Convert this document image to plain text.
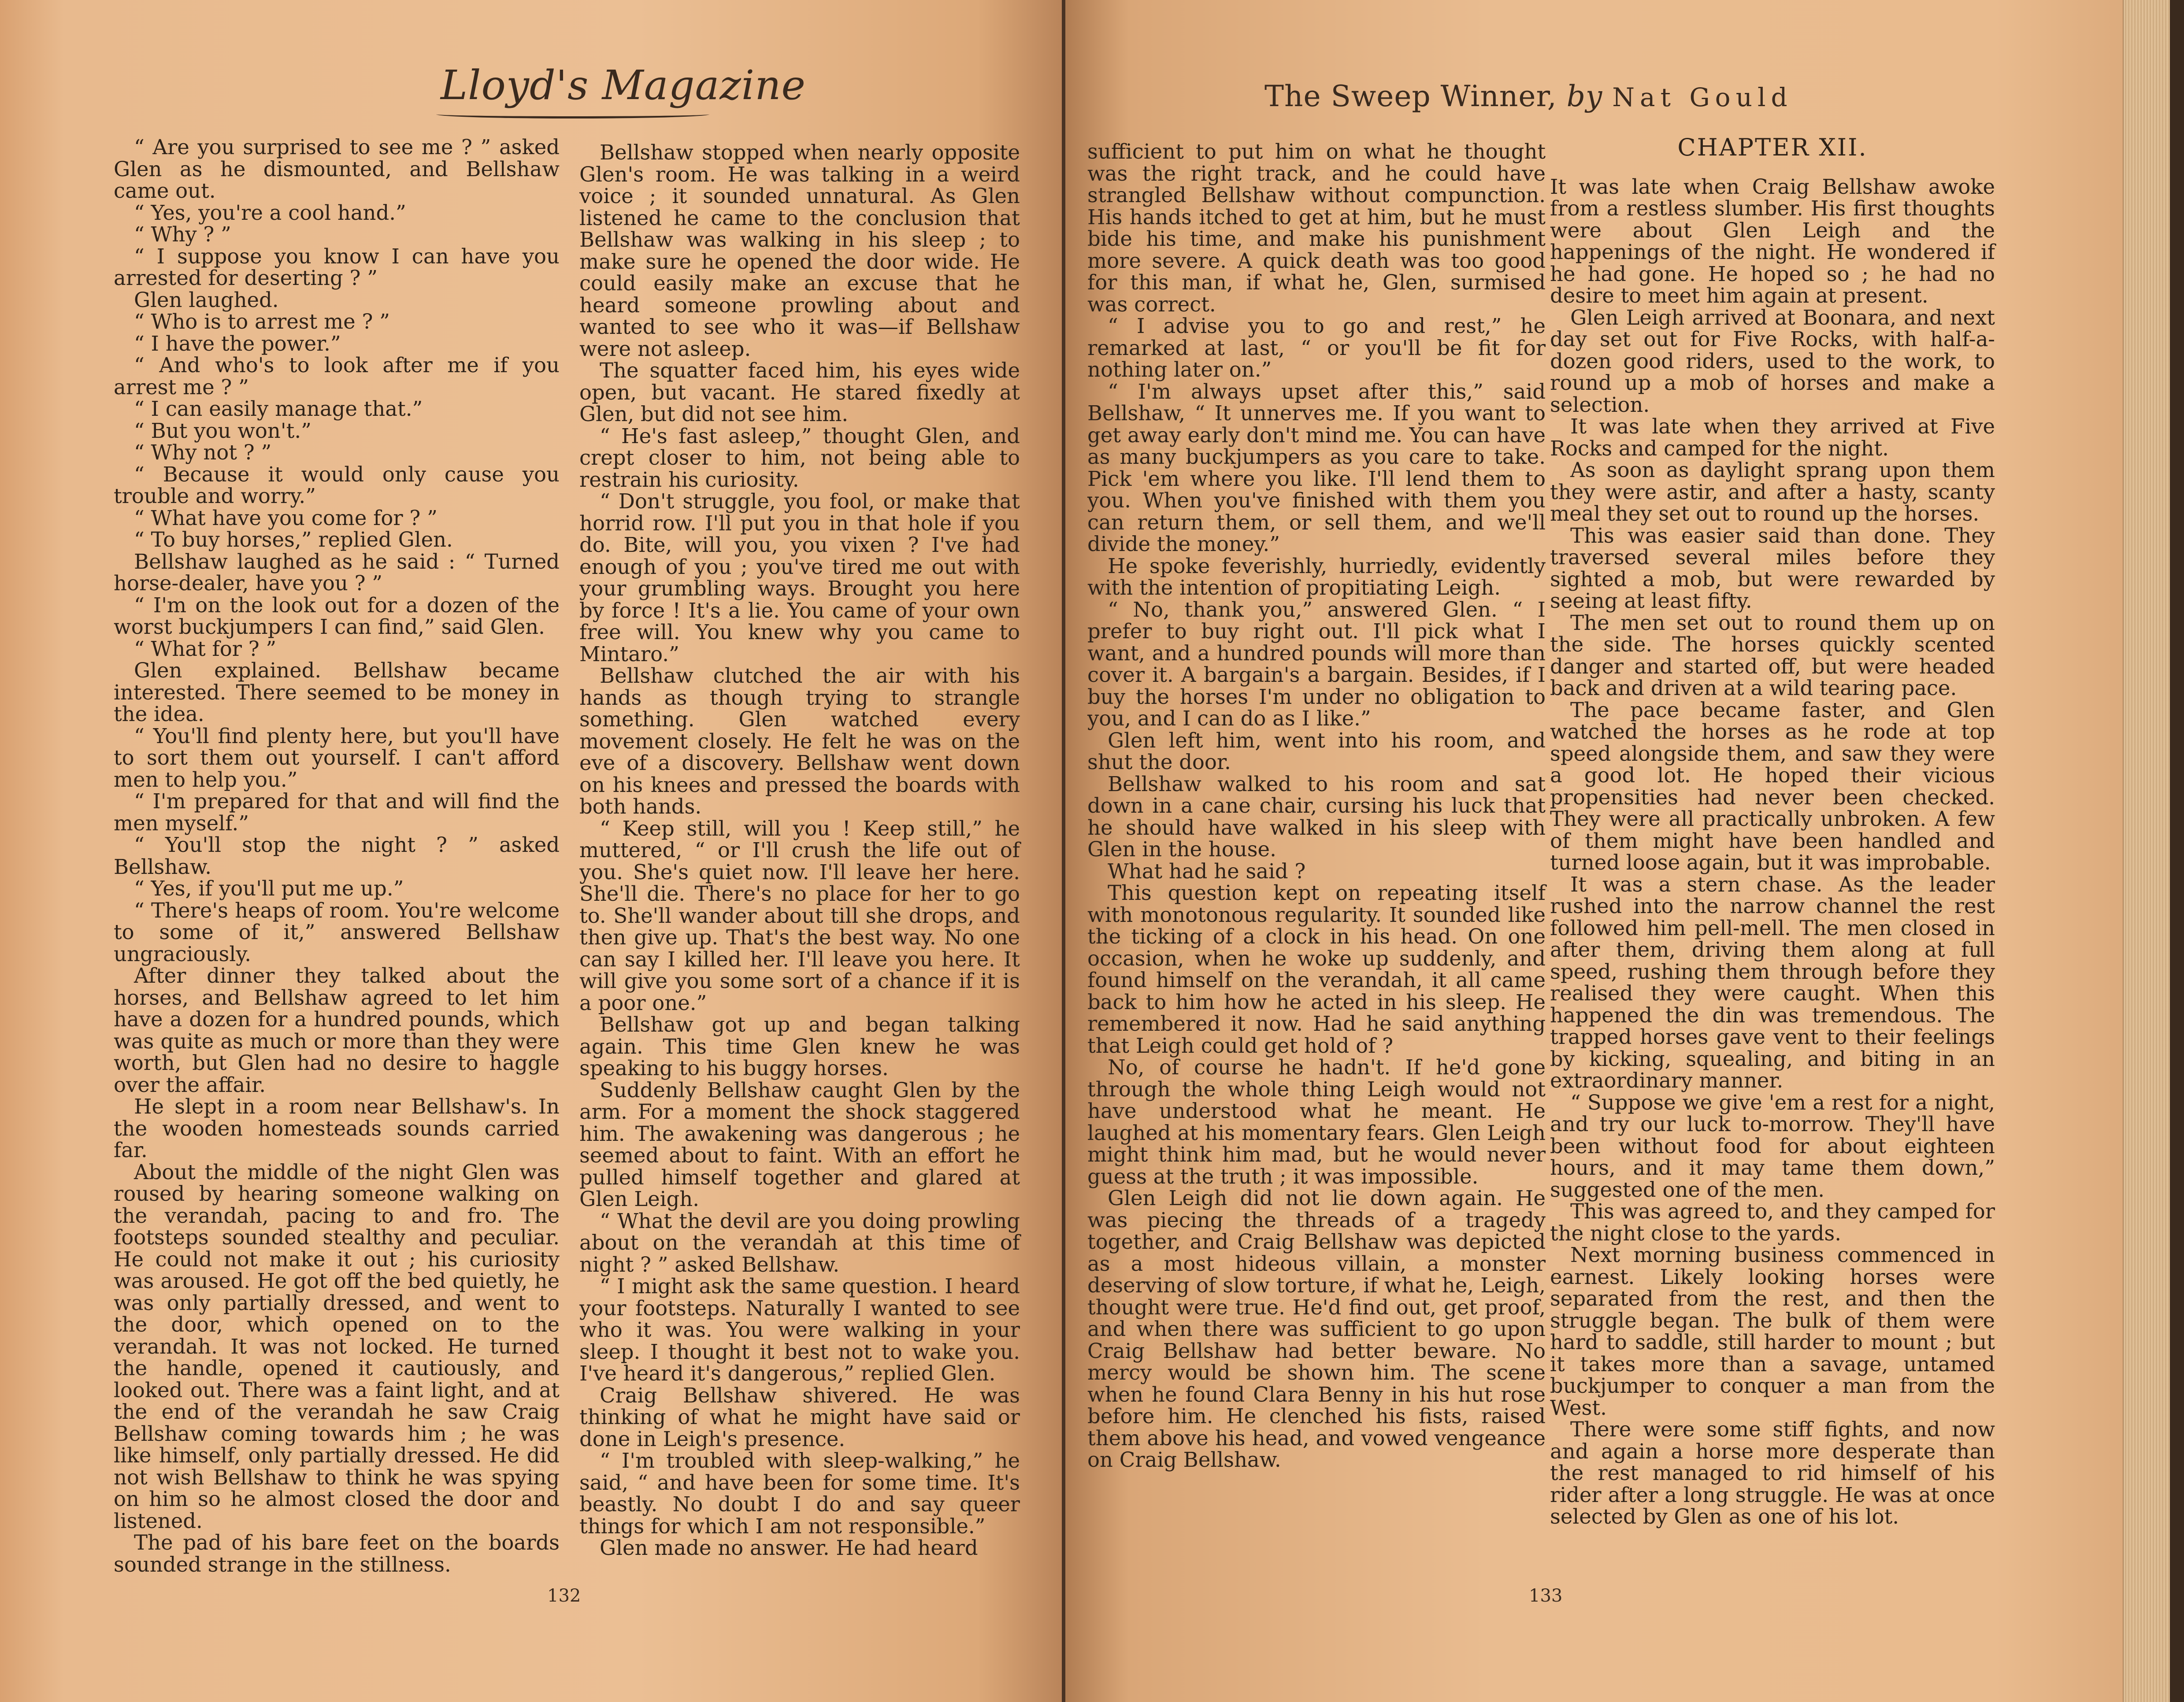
Lloyd's Magazine

“ Are you surprised to see me ? ” asked Glen as he dismounted, and Bellshaw came out.

“ Yes, you're a cool hand.”

“ Why ? ”

“ I suppose you know I can have you arrested for deserting ? ”

Glen laughed.

“ Who is to arrest me ? ”

“ I have the power.”

“ And who's to look after me if you arrest me ? ”

“ I can easily manage that.”

“ But you won't.”

“ Why not ? ”

“ Because it would only cause you trouble and worry.”

“ What have you come for ? ”

“ To buy horses,” replied Glen.

Bellshaw laughed as he said : “ Turned horse-dealer, have you ? ”

“ I'm on the look out for a dozen of the worst buckjumpers I can find,” said Glen.

“ What for ? ”

Glen explained. Bellshaw became interested. There seemed to be money in the idea.

“ You'll find plenty here, but you'll have to sort them out yourself. I can't afford men to help you.”

“ I'm prepared for that and will find the men myself.”

“ You'll stop the night ? ” asked Bellshaw.

“ Yes, if you'll put me up.”

“ There's heaps of room. You're welcome to some of it,” answered Bellshaw ungraciously.

After dinner they talked about the horses, and Bellshaw agreed to let him have a dozen for a hundred pounds, which was quite as much or more than they were worth, but Glen had no desire to haggle over the affair.

He slept in a room near Bellshaw's. In the wooden homesteads sounds carried far.

About the middle of the night Glen was roused by hearing someone walking on the verandah, pacing to and fro. The footsteps sounded stealthy and peculiar. He could not make it out ; his curiosity was aroused. He got off the bed quietly, he was only partially dressed, and went to the door, which opened on to the verandah. It was not locked. He turned the handle, opened it cautiously, and looked out. There was a faint light, and at the end of the verandah he saw Craig Bellshaw coming towards him ; he was like himself, only partially dressed. He did not wish Bellshaw to think he was spying on him so he almost closed the door and listened.

The pad of his bare feet on the boards sounded strange in the stillness.

Bellshaw stopped when nearly opposite Glen's room. He was talking in a weird voice ; it sounded unnatural. As Glen listened he came to the conclusion that Bellshaw was walking in his sleep ; to make sure he opened the door wide. He could easily make an excuse that he heard someone prowling about and wanted to see who it was—if Bellshaw were not asleep.

The squatter faced him, his eyes wide open, but vacant. He stared fixedly at Glen, but did not see him.

“ He's fast asleep,” thought Glen, and crept closer to him, not being able to restrain his curiosity.

“ Don't struggle, you fool, or make that horrid row. I'll put you in that hole if you do. Bite, will you, you vixen ? I've had enough of you ; you've tired me out with your grumbling ways. Brought you here by force ! It's a lie. You came of your own free will. You knew why you came to Mintaro.”

Bellshaw clutched the air with his hands as though trying to strangle something. Glen watched every movement closely. He felt he was on the eve of a discovery. Bellshaw went down on his knees and pressed the boards with both hands.

“ Keep still, will you ! Keep still,” he muttered, “ or I'll crush the life out of you. She's quiet now. I'll leave her here. She'll die. There's no place for her to go to. She'll wander about till she drops, and then give up. That's the best way. No one can say I killed her. I'll leave you here. It will give you some sort of a chance if it is a poor one.”

Bellshaw got up and began talking again. This time Glen knew he was speaking to his buggy horses.

Suddenly Bellshaw caught Glen by the arm. For a moment the shock staggered him. The awakening was dangerous ; he seemed about to faint. With an effort he pulled himself together and glared at Glen Leigh.

“ What the devil are you doing prowling about on the verandah at this time of night ? ” asked Bellshaw.

“ I might ask the same question. I heard your footsteps. Naturally I wanted to see who it was. You were walking in your sleep. I thought it best not to wake you. I've heard it's dangerous,” replied Glen.

Craig Bellshaw shivered. He was thinking of what he might have said or done in Leigh's presence.

“ I'm troubled with sleep-walking,” he said, “ and have been for some time. It's beastly. No doubt I do and say queer things for which I am not responsible.”

Glen made no answer. He had heard

132
The Sweep Winner, by Nat Gould

sufficient to put him on what he thought was the right track, and he could have strangled Bellshaw without compunction. His hands itched to get at him, but he must bide his time, and make his punishment more severe. A quick death was too good for this man, if what he, Glen, surmised was correct.

“ I advise you to go and rest,” he remarked at last, “ or you'll be fit for nothing later on.”

“ I'm always upset after this,” said Bellshaw, “ It unnerves me. If you want to get away early don't mind me. You can have as many buckjumpers as you care to take. Pick 'em where you like. I'll lend them to you. When you've finished with them you can return them, or sell them, and we'll divide the money.”

He spoke feverishly, hurriedly, evidently with the intention of propitiating Leigh.

“ No, thank you,” answered Glen. “ I prefer to buy right out. I'll pick what I want, and a hundred pounds will more than cover it. A bargain's a bargain. Besides, if I buy the horses I'm under no obligation to you, and I can do as I like.”

Glen left him, went into his room, and shut the door.

Bellshaw walked to his room and sat down in a cane chair, cursing his luck that he should have walked in his sleep with Glen in the house.

What had he said ?

This question kept on repeating itself with monotonous regularity. It sounded like the ticking of a clock in his head. On one occasion, when he woke up suddenly, and found himself on the verandah, it all came back to him how he acted in his sleep. He remembered it now. Had he said anything that Leigh could get hold of ?

No, of course he hadn't. If he'd gone through the whole thing Leigh would not have understood what he meant. He laughed at his momentary fears. Glen Leigh might think him mad, but he would never guess at the truth ; it was impossible.

Glen Leigh did not lie down again. He was piecing the threads of a tragedy together, and Craig Bellshaw was depicted as a most hideous villain, a monster deserving of slow torture, if what he, Leigh, thought were true. He'd find out, get proof, and when there was sufficient to go upon Craig Bellshaw had better beware. No mercy would be shown him. The scene when he found Clara Benny in his hut rose before him. He clenched his fists, raised them above his head, and vowed vengeance on Craig Bellshaw.

CHAPTER XII.

It was late when Craig Bellshaw awoke from a restless slumber. His first thoughts were about Glen Leigh and the happenings of the night. He wondered if he had gone. He hoped so ; he had no desire to meet him again at present.

Glen Leigh arrived at Boonara, and next day set out for Five Rocks, with half-a-dozen good riders, used to the work, to round up a mob of horses and make a selection.

It was late when they arrived at Five Rocks and camped for the night.

As soon as daylight sprang upon them they were astir, and after a hasty, scanty meal they set out to round up the horses.

This was easier said than done. They traversed several miles before they sighted a mob, but were rewarded by seeing at least fifty.

The men set out to round them up on the side. The horses quickly scented danger and started off, but were headed back and driven at a wild tearing pace.

The pace became faster, and Glen watched the horses as he rode at top speed alongside them, and saw they were a good lot. He hoped their vicious propensities had never been checked. They were all practically unbroken. A few of them might have been handled and turned loose again, but it was improbable.

It was a stern chase. As the leader rushed into the narrow channel the rest followed him pell-mell. The men closed in after them, driving them along at full speed, rushing them through before they realised they were caught. When this happened the din was tremendous. The trapped horses gave vent to their feelings by kicking, squealing, and biting in an extraordinary manner.

“ Suppose we give 'em a rest for a night, and try our luck to-morrow. They'll have been without food for about eighteen hours, and it may tame them down,” suggested one of the men.

This was agreed to, and they camped for the night close to the yards.

Next morning business commenced in earnest. Likely looking horses were separated from the rest, and then the struggle began. The bulk of them were hard to saddle, still harder to mount ; but it takes more than a savage, untamed buckjumper to conquer a man from the West.

There were some stiff fights, and now and again a horse more desperate than the rest managed to rid himself of his rider after a long struggle. He was at once selected by Glen as one of his lot.

133
